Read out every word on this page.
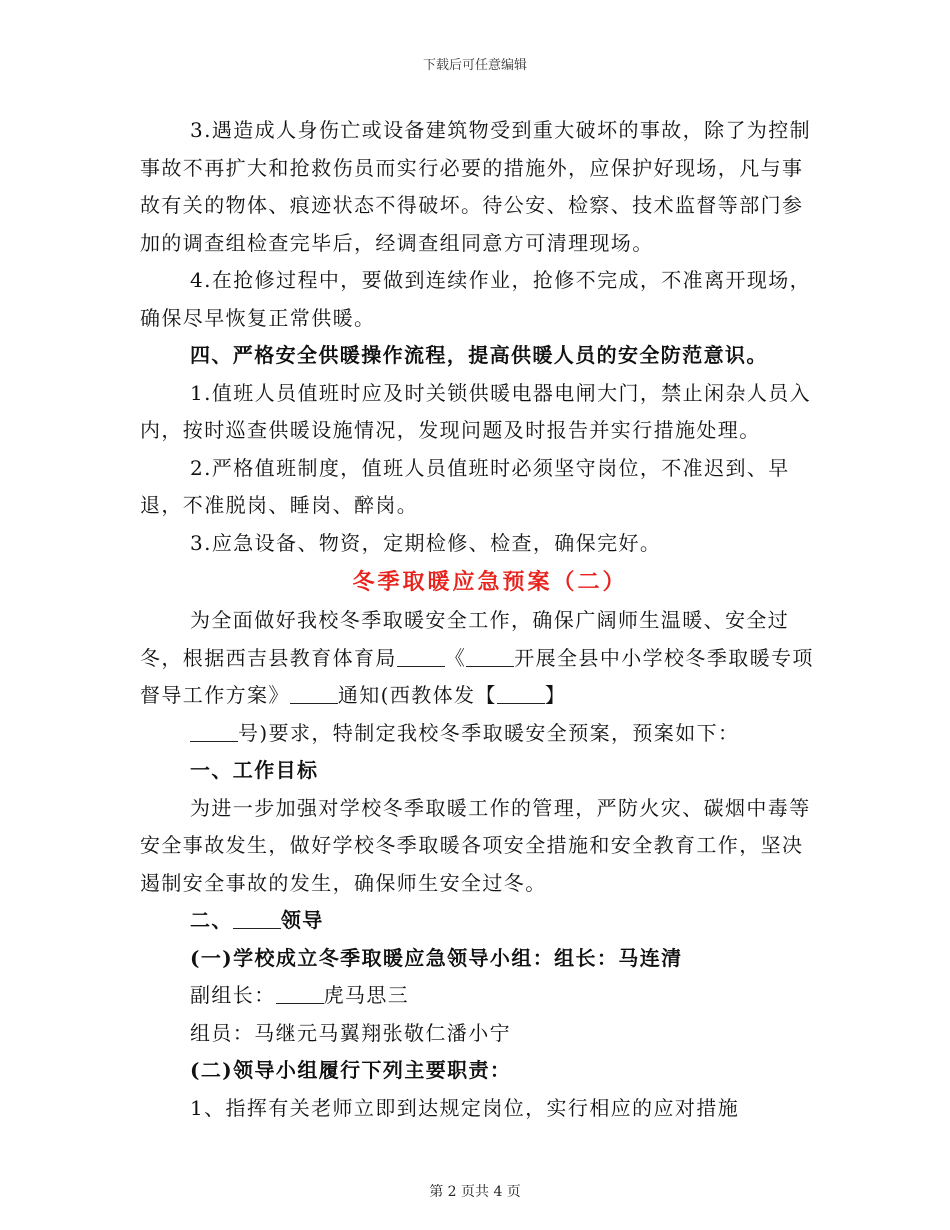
下载后可任意编辑

3.遇造成人身伤亡或设备建筑物受到重大破坏的事故，除了为控制事故不再扩大和抢救伤员而实行必要的措施外，应保护好现场，凡与事故有关的物体、痕迹状态不得破坏。待公安、检察、技术监督等部门参加的调查组检查完毕后，经调查组同意方可清理现场。

4.在抢修过程中，要做到连续作业，抢修不完成，不准离开现场，确保尽早恢复正常供暖。

四、严格安全供暖操作流程，提高供暖人员的安全防范意识。

1.值班人员值班时应及时关锁供暖电器电闸大门，禁止闲杂人员入内，按时巡查供暖设施情况，发现问题及时报告并实行措施处理。

2.严格值班制度，值班人员值班时必须坚守岗位，不准迟到、早退，不准脱岗、睡岗、醉岗。

3.应急设备、物资，定期检修、检查，确保完好。

冬季取暖应急预案（二）

为全面做好我校冬季取暖安全工作，确保广阔师生温暖、安全过冬，根据西吉县教育体育局 《 开展全县中小学校冬季取暖专项督导工作方案》 通知(西教体发【 】

号)要求，特制定我校冬季取暖安全预案，预案如下：

一、工作目标

为进一步加强对学校冬季取暖工作的管理，严防火灾、碳烟中毒等安全事故发生，做好学校冬季取暖各项安全措施和安全教育工作，坚决遏制安全事故的发生，确保师生安全过冬。

二、 领导

(一)学校成立冬季取暖应急领导小组：组长：马连清

副组长： 虎马思三

组员：马继元马翼翔张敬仁潘小宁

(二)领导小组履行下列主要职责：

1、指挥有关老师立即到达规定岗位，实行相应的应对措施

第 2 页共 4 页
